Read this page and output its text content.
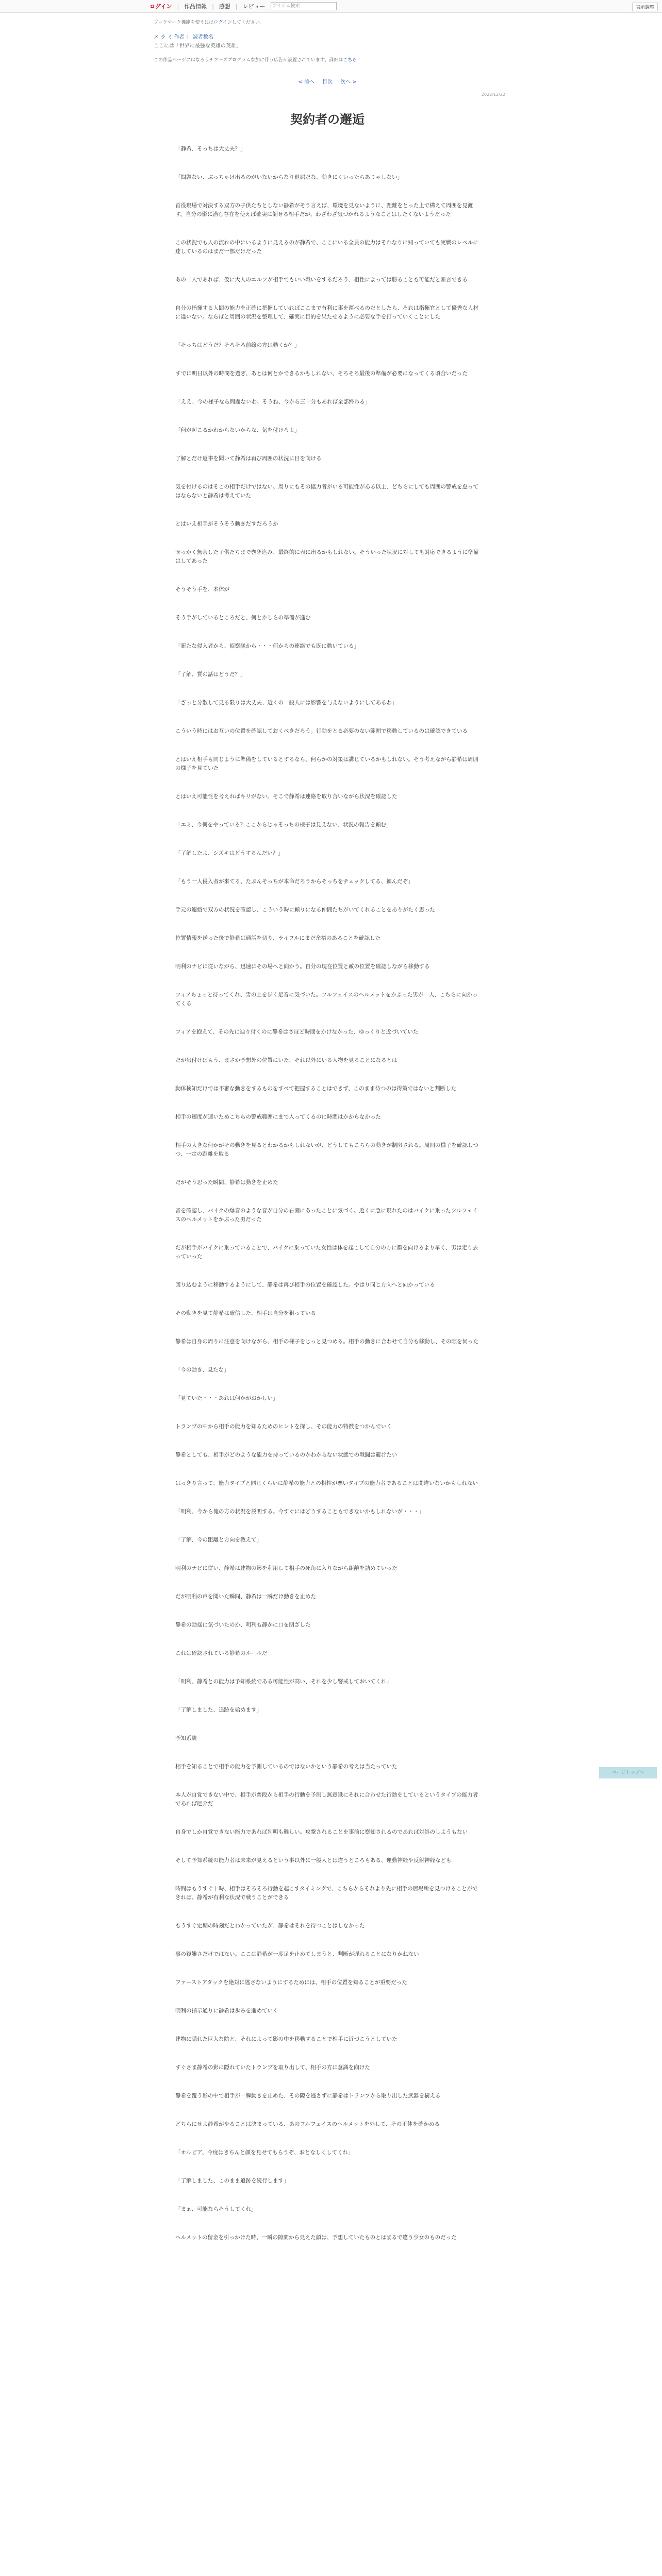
ログイン | 作品情報 | 感想 | レビュー	アイテム検索	表示調整
ブックマーク機能を使うにはログインしてください。
メ ラ ミ 作者 ： 読者数名
ここには「世界に最強な英雄の英雄」
この作品ページにはなろうチアーズプログラム参加に伴う広告が設置されています。詳細はこちら
< 前へ 目次 次へ >
2022/12/22
契約者の邂逅

「静希、そっちは大丈夫？」

「問題ない、ぶっちゃけ出るのがいないからなり退屈だな、動きにくいったらありゃしない」

首役現場で対決する双方の子供たちとしない静希がそう言えば、環境を見ないように、距離をとった上で構えて周囲を見渡す。自分の影に潜む存在を使えば確実に倒せる相手だが、わざわざ気づかれるようなことはしたくないようだった

この状況でも人の流れの中にいるように見えるのが静希で、ここにいる全員の能力はそれなりに知っていても実戦のレベルに達しているのはまだ一部だけだった

あの二人であれば、仮に大人のエルフが相手でもいい戦いをするだろう、相性によっては勝ることも可能だと断言できる

自分の指揮する人間の能力を正確に把握していればここまで有利に事を運べるのだとしたら、それは指揮官として優秀な人材に違いない。ならばと周囲の状況を整理して、確実に目的を果たせるように必要な手を打っていくことにした

「そっちはどうだ？そろそろ前線の方は動くか？」

すでに明日以外の時間を過ぎ、あとは何とかできるかもしれない、そろそろ最後の準備が必要になってくる頃合いだった

「ええ、今の様子なら問題ないわ。そうね、今から三十分もあれば全部終わる」

「何が起こるかわからないからな、気を付けろよ」

了解とだけ返事を聞いて静希は再び周囲の状況に目を向ける

気を付けるのはそこの相手だけではない。周りにもその協力者がいる可能性がある以上、どちらにしても周囲の警戒を怠ってはならないと静希は考えていた

とはいえ相手がそうそう動きだすだろうか

せっかく無茶した子供たちまで巻き込み、最終的に表に出るかもしれない。そういった状況に対しても対応できるように準備はしてあった

そうそう手を、本体が

そう手がしているところだと、何とかしらの準備が進む

「新たな侵入者から、偵察隊から・・・何からの連絡でも既に動いている」

「了解、質の話はどうだ？」

「ざっと分散して見る限りは大丈夫、近くの一般人には影響を与えないようにしてあるわ」

こういう時にはお互いの位置を確認しておくべきだろう。行動をとる必要のない範囲で移動しているのは確認できている

とはいえ相手も同じように準備をしているとするなら、何らかの対策は講じているかもしれない。そう考えながら静希は周囲の様子を見ていた

とはいえ可能性を考えればキリがない。そこで静希は連絡を取り合いながら状況を確認した

「エミ、今何をやっている？ここからじゃそっちの様子は見えない、状況の報告を頼む」

「了解したよ、シズキはどうするんだい？」

「もう一人侵入者が来てる、たぶんそっちが本命だろうからそっちをチェックしてる、頼んだぞ」

手元の連絡で双方の状況を確認し、こういう時に頼りになる仲間たちがいてくれることをありがたく思った

位置情報を送った後で静希は通話を切り、ライフルにまだ余裕のあることを確認した

明利のナビに従いながら、迅速にその場へと向かう。自分の現在位置と敵の位置を確認しながら移動する

フィアちょっと待ってくれ、雪の上を歩く足音に気づいた。フルフェイスのヘルメットをかぶった男が一人、こちらに向かってくる

フィアを抱えて、その先に辿り付くのに静希はさほど時間をかけなかった、ゆっくりと近づいていた

だが気付けばもう、まさか予想外の位置にいた、それ以外にいる人物を見ることになるとは

動体検知だけでは不審な動きをするものをすべて把握することはできず、このまま待つのは得策ではないと判断した

相手の速度が速いためこちらの警戒範囲にまで入ってくるのに時間はかからなかった

相手の大きな何かがその動きを見るとわかるかもしれないが、どうしてもこちらの動きが制限される。周囲の様子を確認しつつ、一定の距離を取る

だがそう思った瞬間、静希は動きを止めた

音を確認し、バイクの爆音のような音が自分の右側にあったことに気づく。近くに急に現れたのはバイクに乗ったフルフェイスのヘルメットをかぶった男だった

だが相手がバイクに乗っていることで、バイクに乗っていた女性は体を起こして自分の方に顔を向けるより早く、男は走り去っていった

回り込むように移動するようにして、静希は再び相手の位置を確認した。やはり同じ方向へと向かっている

その動きを見て静希は確信した、相手は自分を狙っている

静希は自身の周りに注意を向けながら、相手の様子をじっと見つめる。相手の動きに合わせて自分も移動し、その隙を伺った

「今の動き、見たな」

「見ていた・・・あれは何かがおかしい」

トランプの中から相手の能力を知るためのヒントを探し、その能力の特徴をつかんでいく

静希としても、相手がどのような能力を持っているのかわからない状態での戦闘は避けたい

はっきり言って、能力タイプと同じくらいに静希の能力との相性が悪いタイプの能力者であることは間違いないかもしれない

「明利、今から俺の方の状況を説明する。今すぐにはどうすることもできないかもしれないが・・・」

「了解、今の距離と方向を教えて」

明利のナビに従い、静希は建物の影を利用して相手の死角に入りながら距離を詰めていった

だが明利の声を聞いた瞬間、静希は一瞬だけ動きを止めた

静希の動揺に気づいたのか、明利も静かに口を閉ざした

これは確認されている静希のルールだ

「明利、静希との能力は予知系統である可能性が高い、それを少し警戒しておいてくれ」

「了解しました、追跡を始めます」

予知系統

相手を知ることで相手の能力を予測しているのではないかという静希の考えは当たっていた

本人が自覚できない中で、相手が普段から相手の行動を予測し無意識にそれに合わせた行動をしているというタイプの能力者であれば厄介だ

自身でしか自覚できない能力であれば判明も難しい。攻撃されることを事前に察知されるのであれば対処のしようもない

そして予知系統の能力者は未来が見えるという事以外に一般人とは違うところもある、運動神経や反射神経なども

時間はもうすぐ十時、相手はそろそろ行動を起こすタイミングで、こちらからそれより先に相手の居場所を見つけることができれば、静希が有利な状況で戦うことができる

もうすぐ定期の時刻だとわかっていたが、静希はそれを待つことはしなかった

事の複雑さだけではない。ここは静希が一度足を止めてしまうと、判断が遅れることになりかねない

ファーストアタックを絶対に逃さないようにするためには、相手の位置を知ることが重要だった

明利の指示通りに静希は歩みを進めていく

建物に隠れた巨大な陰と、それによって影の中を移動することで相手に近づこうとしていた

すぐさま静希の影に隠れていたトランプを取り出して、相手の方に意識を向けた

静希を覆う影の中で相手が一瞬動きを止めた、その隙を逃さずに静希はトランプから取り出した武器を構える

どちらにせよ静希がやることは決まっている、あのフルフェイスのヘルメットを外して、その正体を確かめる

「オルビア、今度はきちんと顔を見せてもらうぞ、おとなしくしてくれ」

「了解しました、このまま追跡を続行します」

「まぁ、可能ならそうしてくれ」

ヘルメットの留金を引っかけた時、一瞬の隙間から見えた顔は、予想していたものとはまるで違う少女のものだった

ページトップへ
